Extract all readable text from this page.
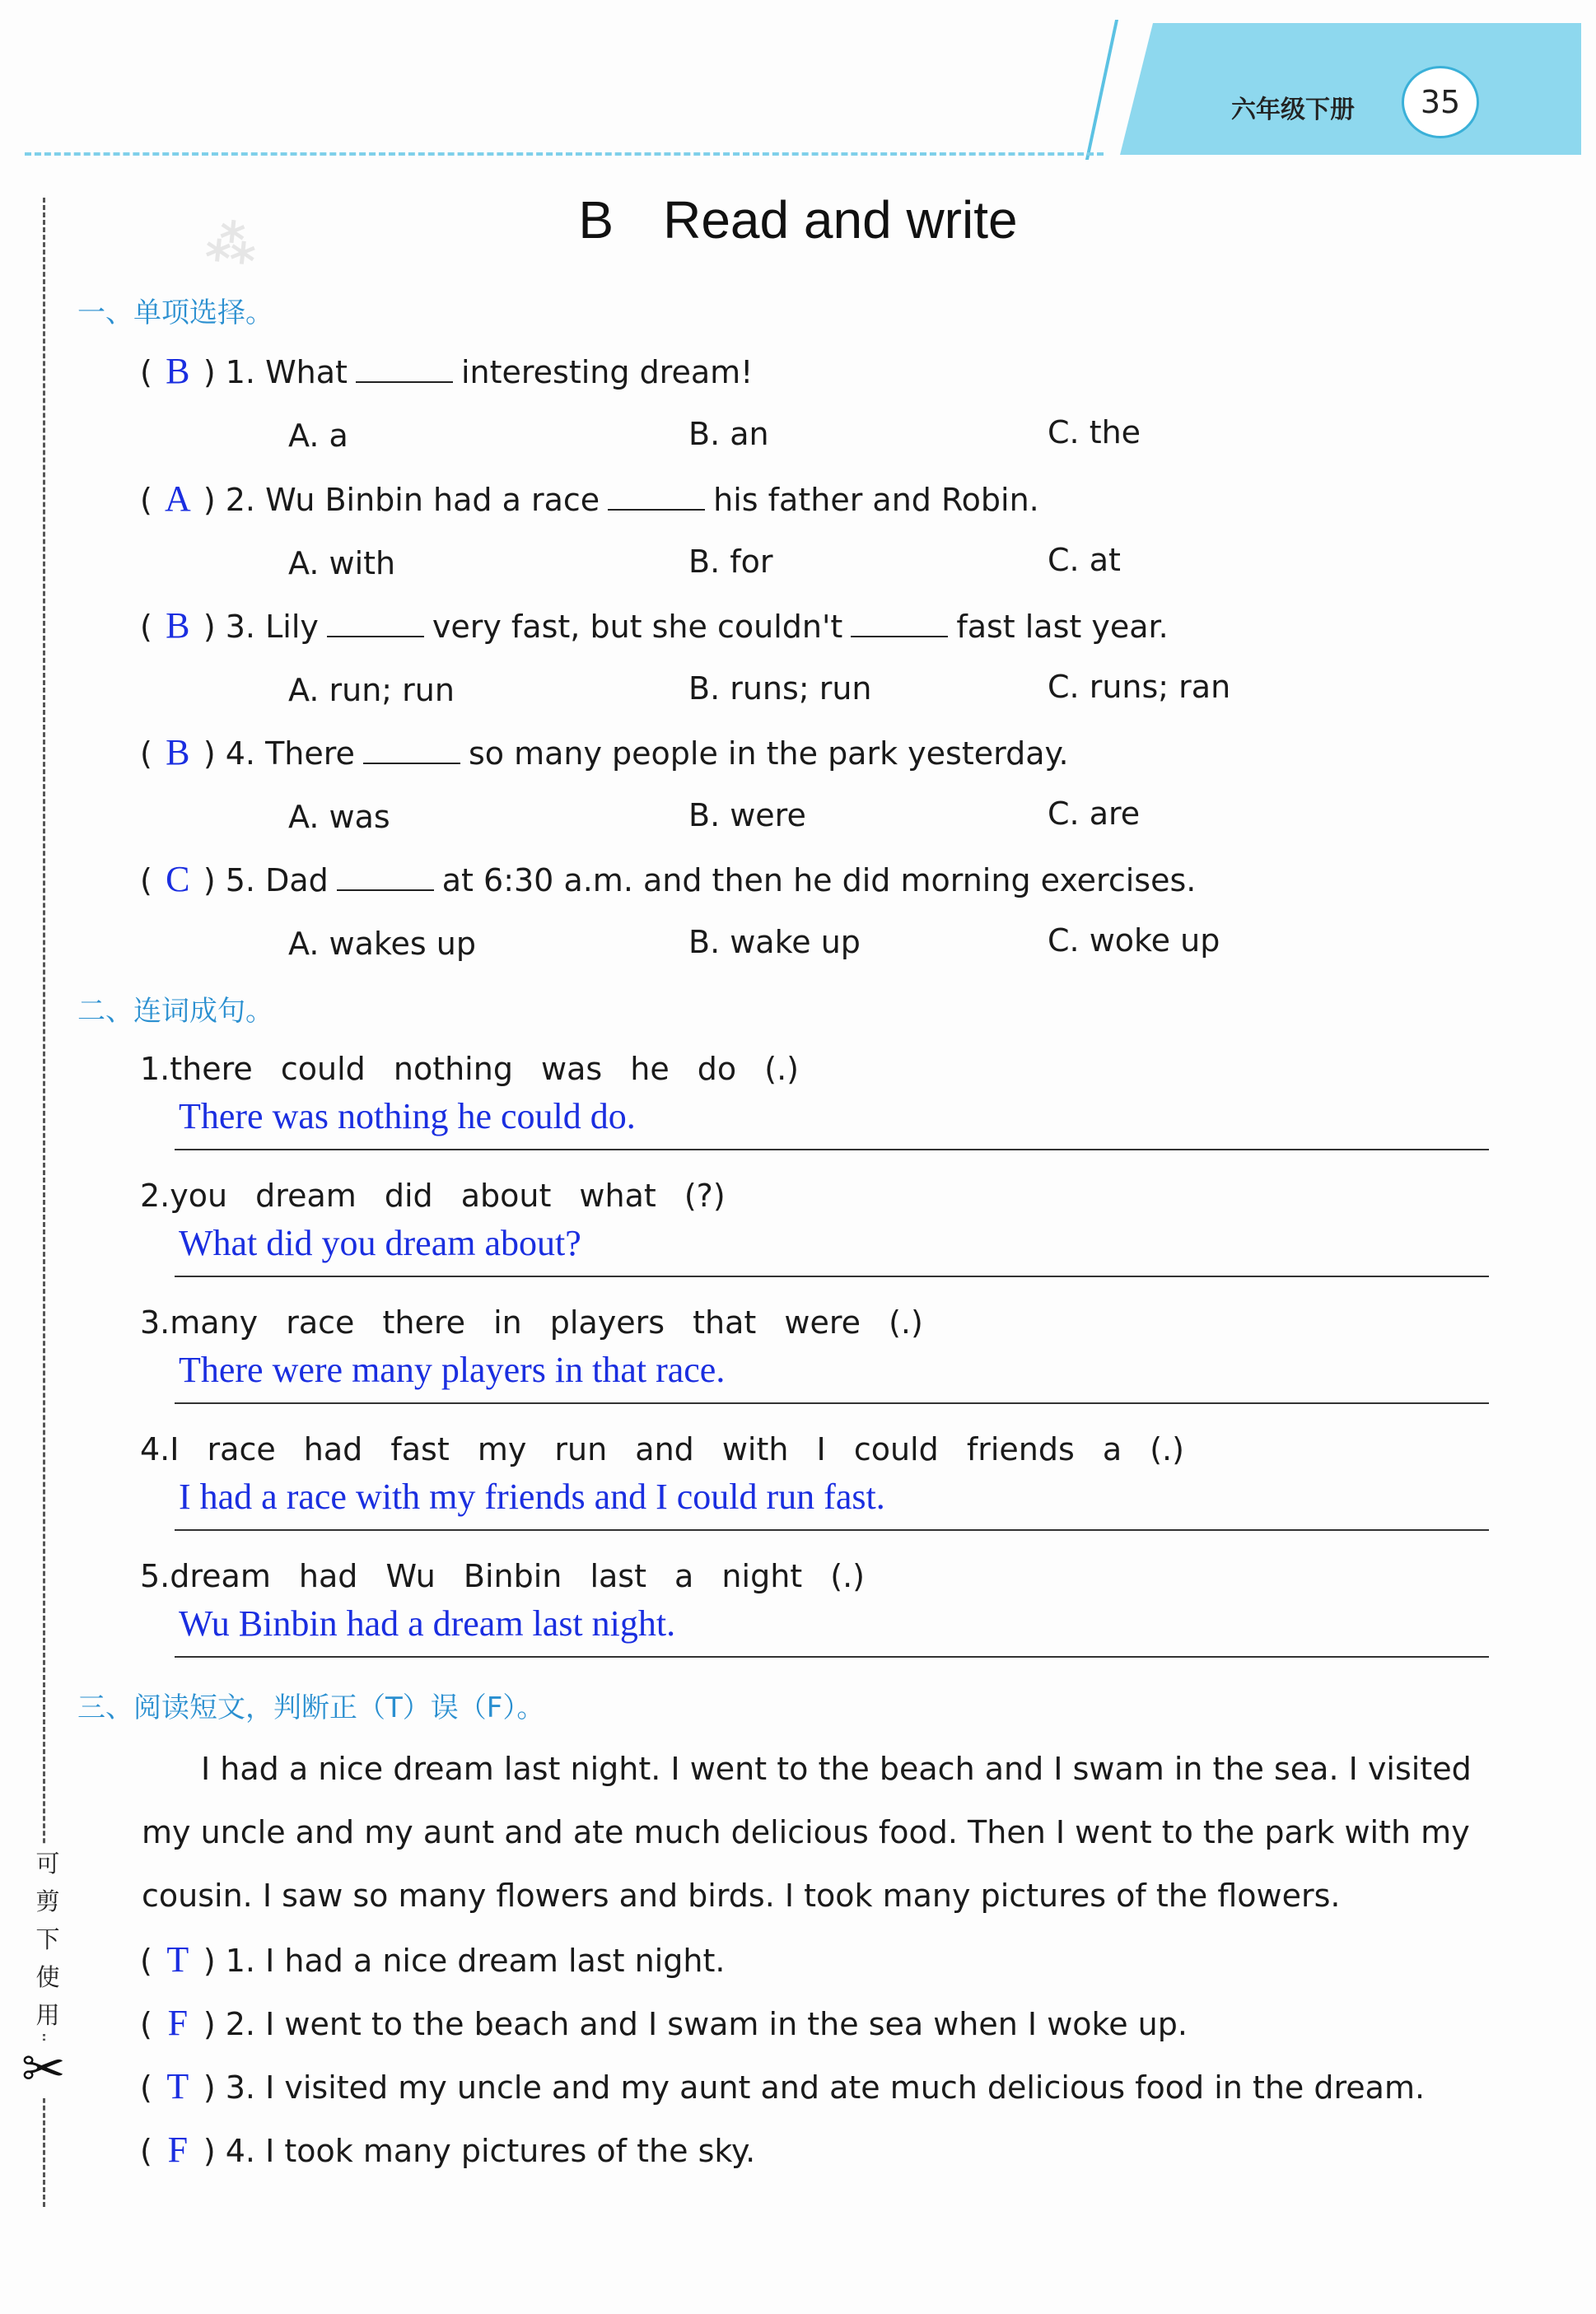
六年级下册	35
可
剪
下
使
用
✂
⁂	B Read and write
一、单项选择。
( B ) 1. What	interesting dream!
A. a	B. an	C. the
( A ) 2. Wu Binbin had a race	his father and Robin.
A. with	B. for	C. at
( B ) 3. Lily	very fast, but she couldn't	fast last year.
A. run; run	B. runs; run	C. runs; ran
( B ) 4. There	so many people in the park yesterday.
A. was	B. were	C. are
( C ) 5. Dad	at 6:30 a.m. and then he did morning exercises.
A. wakes up	B. wake up	C. woke up
二、连词成句。
1.there could nothing was he do (.)
There was nothing he could do.
2.you dream did about what (?)
What did you dream about?
3.many race there in players that were (.)
There were many players in that race.
4.I race had fast my run and with I could friends a (.)
I had a race with my friends and I could run fast.
5.dream had Wu Binbin last a night (.)
Wu Binbin had a dream last night.
三、阅读短文，判断正（T）误（F）。
I had a nice dream last night. I went to the beach and I swam in the sea. I visited
my uncle and my aunt and ate much delicious food. Then I went to the park with my
cousin. I saw so many flowers and birds. I took many pictures of the flowers.
( T ) 1. I had a nice dream last night.
( F ) 2. I went to the beach and I swam in the sea when I woke up.
( T ) 3. I visited my uncle and my aunt and ate much delicious food in the dream.
( F ) 4. I took many pictures of the sky.
